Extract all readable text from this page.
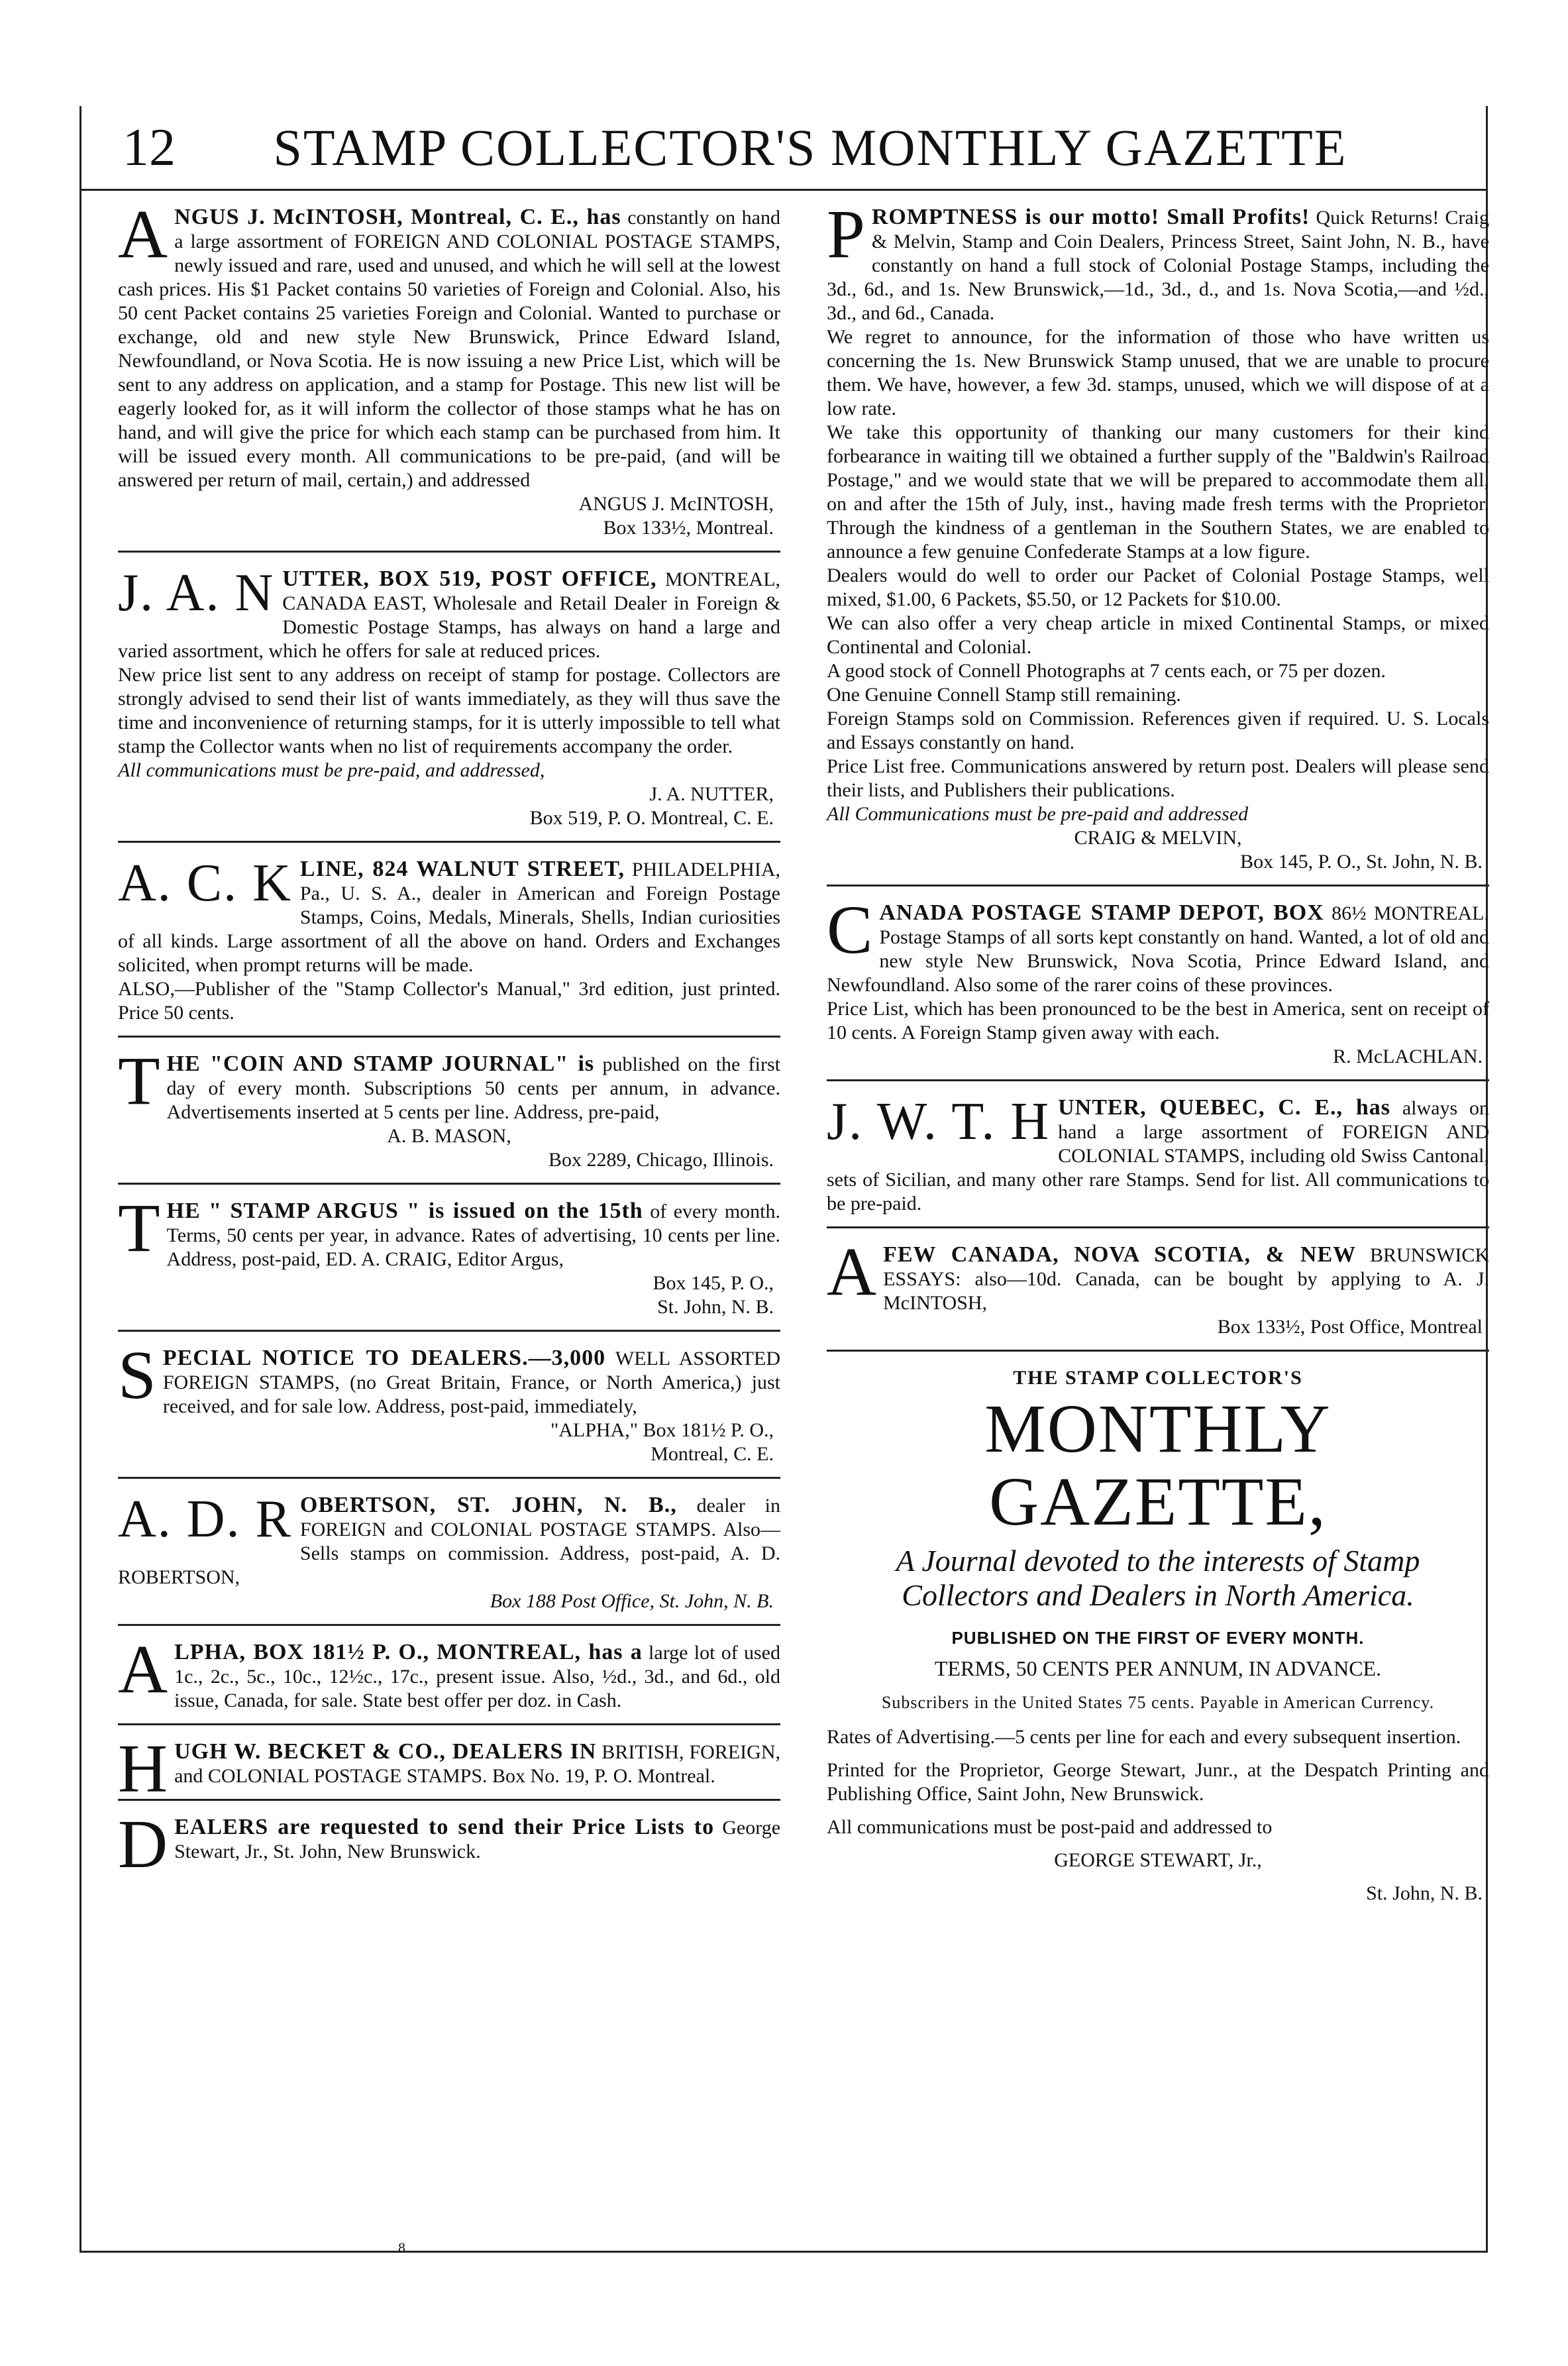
12	STAMP COLLECTOR'S MONTHLY GAZETTE
A NGUS J. McINTOSH, Montreal, C. E., has constantly on hand a large assortment of FOREIGN AND COLONIAL POSTAGE STAMPS, newly issued and rare, used and unused, and which he will sell at the lowest cash prices. His $1 Packet contains 50 varieties of Foreign and Colonial. Also, his 50 cent Packet contains 25 varieties Foreign and Colonial. Wanted to purchase or exchange, old and new style New Brunswick, Prince Edward Island, Newfoundland, or Nova Scotia. He is now issuing a new Price List, which will be sent to any address on application, and a stamp for Postage. This new list will be eagerly looked for, as it will inform the collector of those stamps what he has on hand, and will give the price for which each stamp can be purchased from him. It will be issued every month. All communications to be pre-paid, (and will be answered per return of mail, certain,) and addressed

ANGUS J. McINTOSH,

Box 133½, Montreal.

J. A. N UTTER, BOX 519, POST OFFICE, MONTREAL, CANADA EAST, Wholesale and Retail Dealer in Foreign & Domestic Postage Stamps, has always on hand a large and varied assortment, which he offers for sale at reduced prices.

New price list sent to any address on receipt of stamp for postage. Collectors are strongly advised to send their list of wants immediately, as they will thus save the time and inconvenience of returning stamps, for it is utterly impossible to tell what stamp the Collector wants when no list of requirements accompany the order.

All communications must be pre-paid, and addressed,

J. A. NUTTER,

Box 519, P. O. Montreal, C. E.

A. C. K LINE, 824 WALNUT STREET, PHILADELPHIA, Pa., U. S. A., dealer in American and Foreign Postage Stamps, Coins, Medals, Minerals, Shells, Indian curiosities of all kinds. Large assortment of all the above on hand. Orders and Exchanges solicited, when prompt returns will be made.

ALSO,—Publisher of the "Stamp Collector's Manual," 3rd edition, just printed. Price 50 cents.

T HE "COIN AND STAMP JOURNAL" is published on the first day of every month. Subscriptions 50 cents per annum, in advance. Advertisements inserted at 5 cents per line. Address, pre-paid,

A. B. MASON,

Box 2289, Chicago, Illinois.

T HE " STAMP ARGUS " is issued on the 15th of every month. Terms, 50 cents per year, in advance. Rates of advertising, 10 cents per line. Address, post-paid, ED. A. CRAIG, Editor Argus,

Box 145, P. O.,

St. John, N. B.

S PECIAL NOTICE TO DEALERS.—3,000 WELL ASSORTED FOREIGN STAMPS, (no Great Britain, France, or North America,) just received, and for sale low. Address, post-paid, immediately,

"ALPHA," Box 181½ P. O.,

Montreal, C. E.

A. D. R OBERTSON, ST. JOHN, N. B., dealer in FOREIGN and COLONIAL POSTAGE STAMPS. Also—Sells stamps on commission. Address, post-paid, A. D. ROBERTSON,

Box 188 Post Office, St. John, N. B.

A LPHA, BOX 181½ P. O., MONTREAL, has a large lot of used 1c., 2c., 5c., 10c., 12½c., 17c., present issue. Also, ½d., 3d., and 6d., old issue, Canada, for sale. State best offer per doz. in Cash.

H UGH W. BECKET & CO., DEALERS IN BRITISH, FOREIGN, and COLONIAL POSTAGE STAMPS. Box No. 19, P. O. Montreal.

D EALERS are requested to send their Price Lists to George Stewart, Jr., St. John, New Brunswick.

P ROMPTNESS is our motto! Small Profits! Quick Returns! Craig & Melvin, Stamp and Coin Dealers, Princess Street, Saint John, N. B., have constantly on hand a full stock of Colonial Postage Stamps, including the 3d., 6d., and 1s. New Brunswick,—1d., 3d., d., and 1s. Nova Scotia,—and ½d., 3d., and 6d., Canada.

We regret to announce, for the information of those who have written us concerning the 1s. New Brunswick Stamp unused, that we are unable to procure them. We have, however, a few 3d. stamps, unused, which we will dispose of at a low rate.

We take this opportunity of thanking our many customers for their kind forbearance in waiting till we obtained a further supply of the "Baldwin's Railroad Postage," and we would state that we will be prepared to accommodate them all, on and after the 15th of July, inst., having made fresh terms with the Proprietor. Through the kindness of a gentleman in the Southern States, we are enabled to announce a few genuine Confederate Stamps at a low figure.

Dealers would do well to order our Packet of Colonial Postage Stamps, well mixed, $1.00, 6 Packets, $5.50, or 12 Packets for $10.00.

We can also offer a very cheap article in mixed Continental Stamps, or mixed Continental and Colonial.

A good stock of Connell Photographs at 7 cents each, or 75 per dozen.

One Genuine Connell Stamp still remaining.

Foreign Stamps sold on Commission. References given if required. U. S. Locals and Essays constantly on hand.

Price List free. Communications answered by return post. Dealers will please send their lists, and Publishers their publications.

All Communications must be pre-paid and addressed

CRAIG & MELVIN,

Box 145, P. O., St. John, N. B.

C ANADA POSTAGE STAMP DEPOT, BOX 86½ MONTREAL. Postage Stamps of all sorts kept constantly on hand. Wanted, a lot of old and new style New Brunswick, Nova Scotia, Prince Edward Island, and Newfoundland. Also some of the rarer coins of these provinces.

Price List, which has been pronounced to be the best in America, sent on receipt of 10 cents. A Foreign Stamp given away with each.

R. McLACHLAN.

J. W. T. H UNTER, QUEBEC, C. E., has always on hand a large assortment of FOREIGN AND COLONIAL STAMPS, including old Swiss Cantonal, sets of Sicilian, and many other rare Stamps. Send for list. All communications to be pre-paid.

A FEW CANADA, NOVA SCOTIA, & NEW BRUNSWICK ESSAYS: also—10d. Canada, can be bought by applying to A. J. McINTOSH,

Box 133½, Post Office, Montreal

THE STAMP COLLECTOR'S
MONTHLY GAZETTE,
A Journal devoted to the interests of Stamp Collectors and Dealers in North America.
PUBLISHED ON THE FIRST OF EVERY MONTH.
TERMS, 50 CENTS PER ANNUM, IN ADVANCE.
Subscribers in the United States 75 cents. Payable in American Currency.

Rates of Advertising.—5 cents per line for each and every subsequent insertion.

Printed for the Proprietor, George Stewart, Junr., at the Despatch Printing and Publishing Office, Saint John, New Brunswick.

All communications must be post-paid and addressed to

GEORGE STEWART, Jr.,

St. John, N. B.

8
